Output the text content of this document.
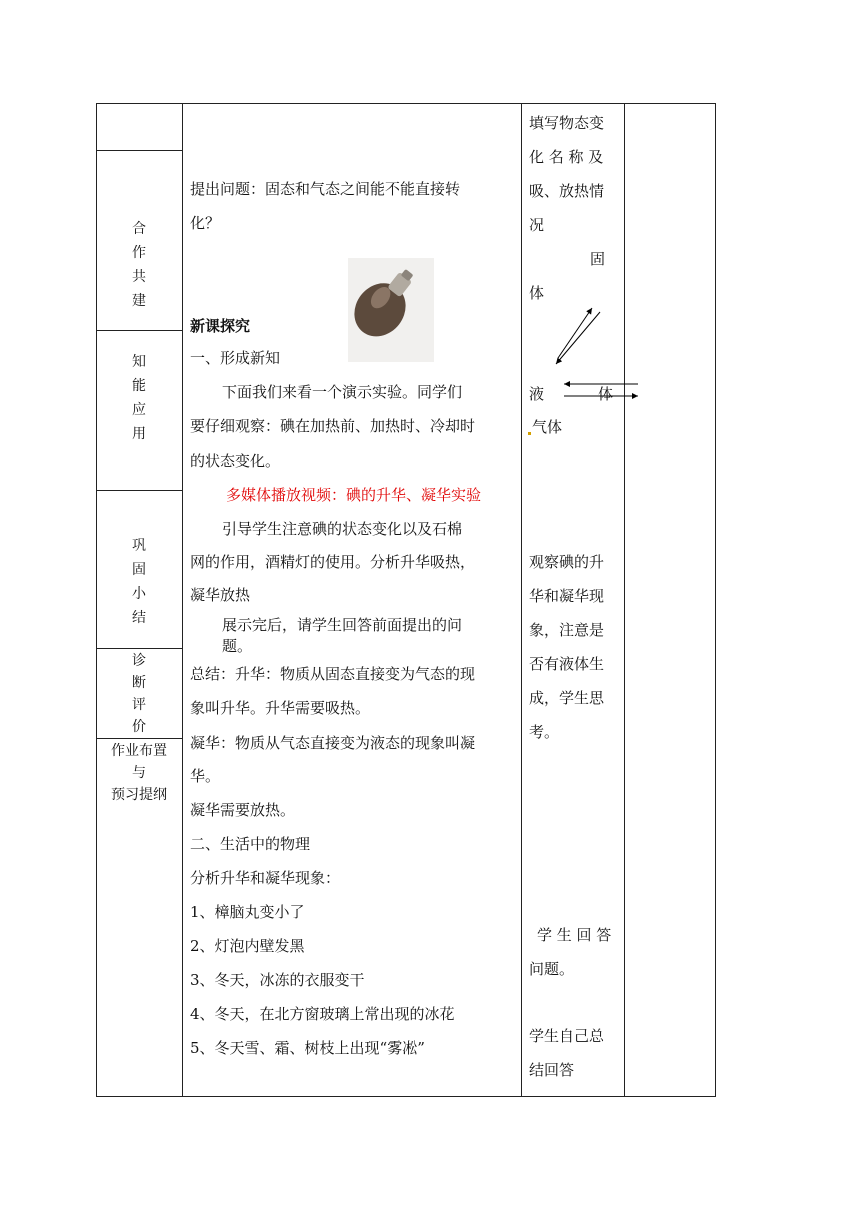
合
作
共
建
知
能
应
用
巩
固
小
结
诊
断
评
价
作业布置
与
预习提纲
提出问题：固态和气态之间能不能直接转
化？
新课探究
一、形成新知
下面我们来看一个演示实验。同学们
要仔细观察：碘在加热前、加热时、冷却时
的状态变化。
多媒体播放视频：碘的升华、凝华实验
引导学生注意碘的状态变化以及石棉
网的作用，酒精灯的使用。分析升华吸热，
凝华放热
展示完后，请学生回答前面提出的问
题。
总结：升华：物质从固态直接变为气态的现
象叫升华。升华需要吸热。
凝华：物质从气态直接变为液态的现象叫凝
华。
凝华需要放热。
二、生活中的物理
分析升华和凝华现象：
1、樟脑丸变小了
2、灯泡内壁发黑
3、冬天，冰冻的衣服变干
4、冬天，在北方窗玻璃上常出现的冰花
5、冬天雪、霜、树枝上出现“雾凇”
填写物态变
化 名 称 及
吸、放热情
况
固
体
液	体
气体
观察碘的升
华和凝华现
象，注意是
否有液体生
成，学生思
考。
学 生 回 答
问题。
学生自己总
结回答
